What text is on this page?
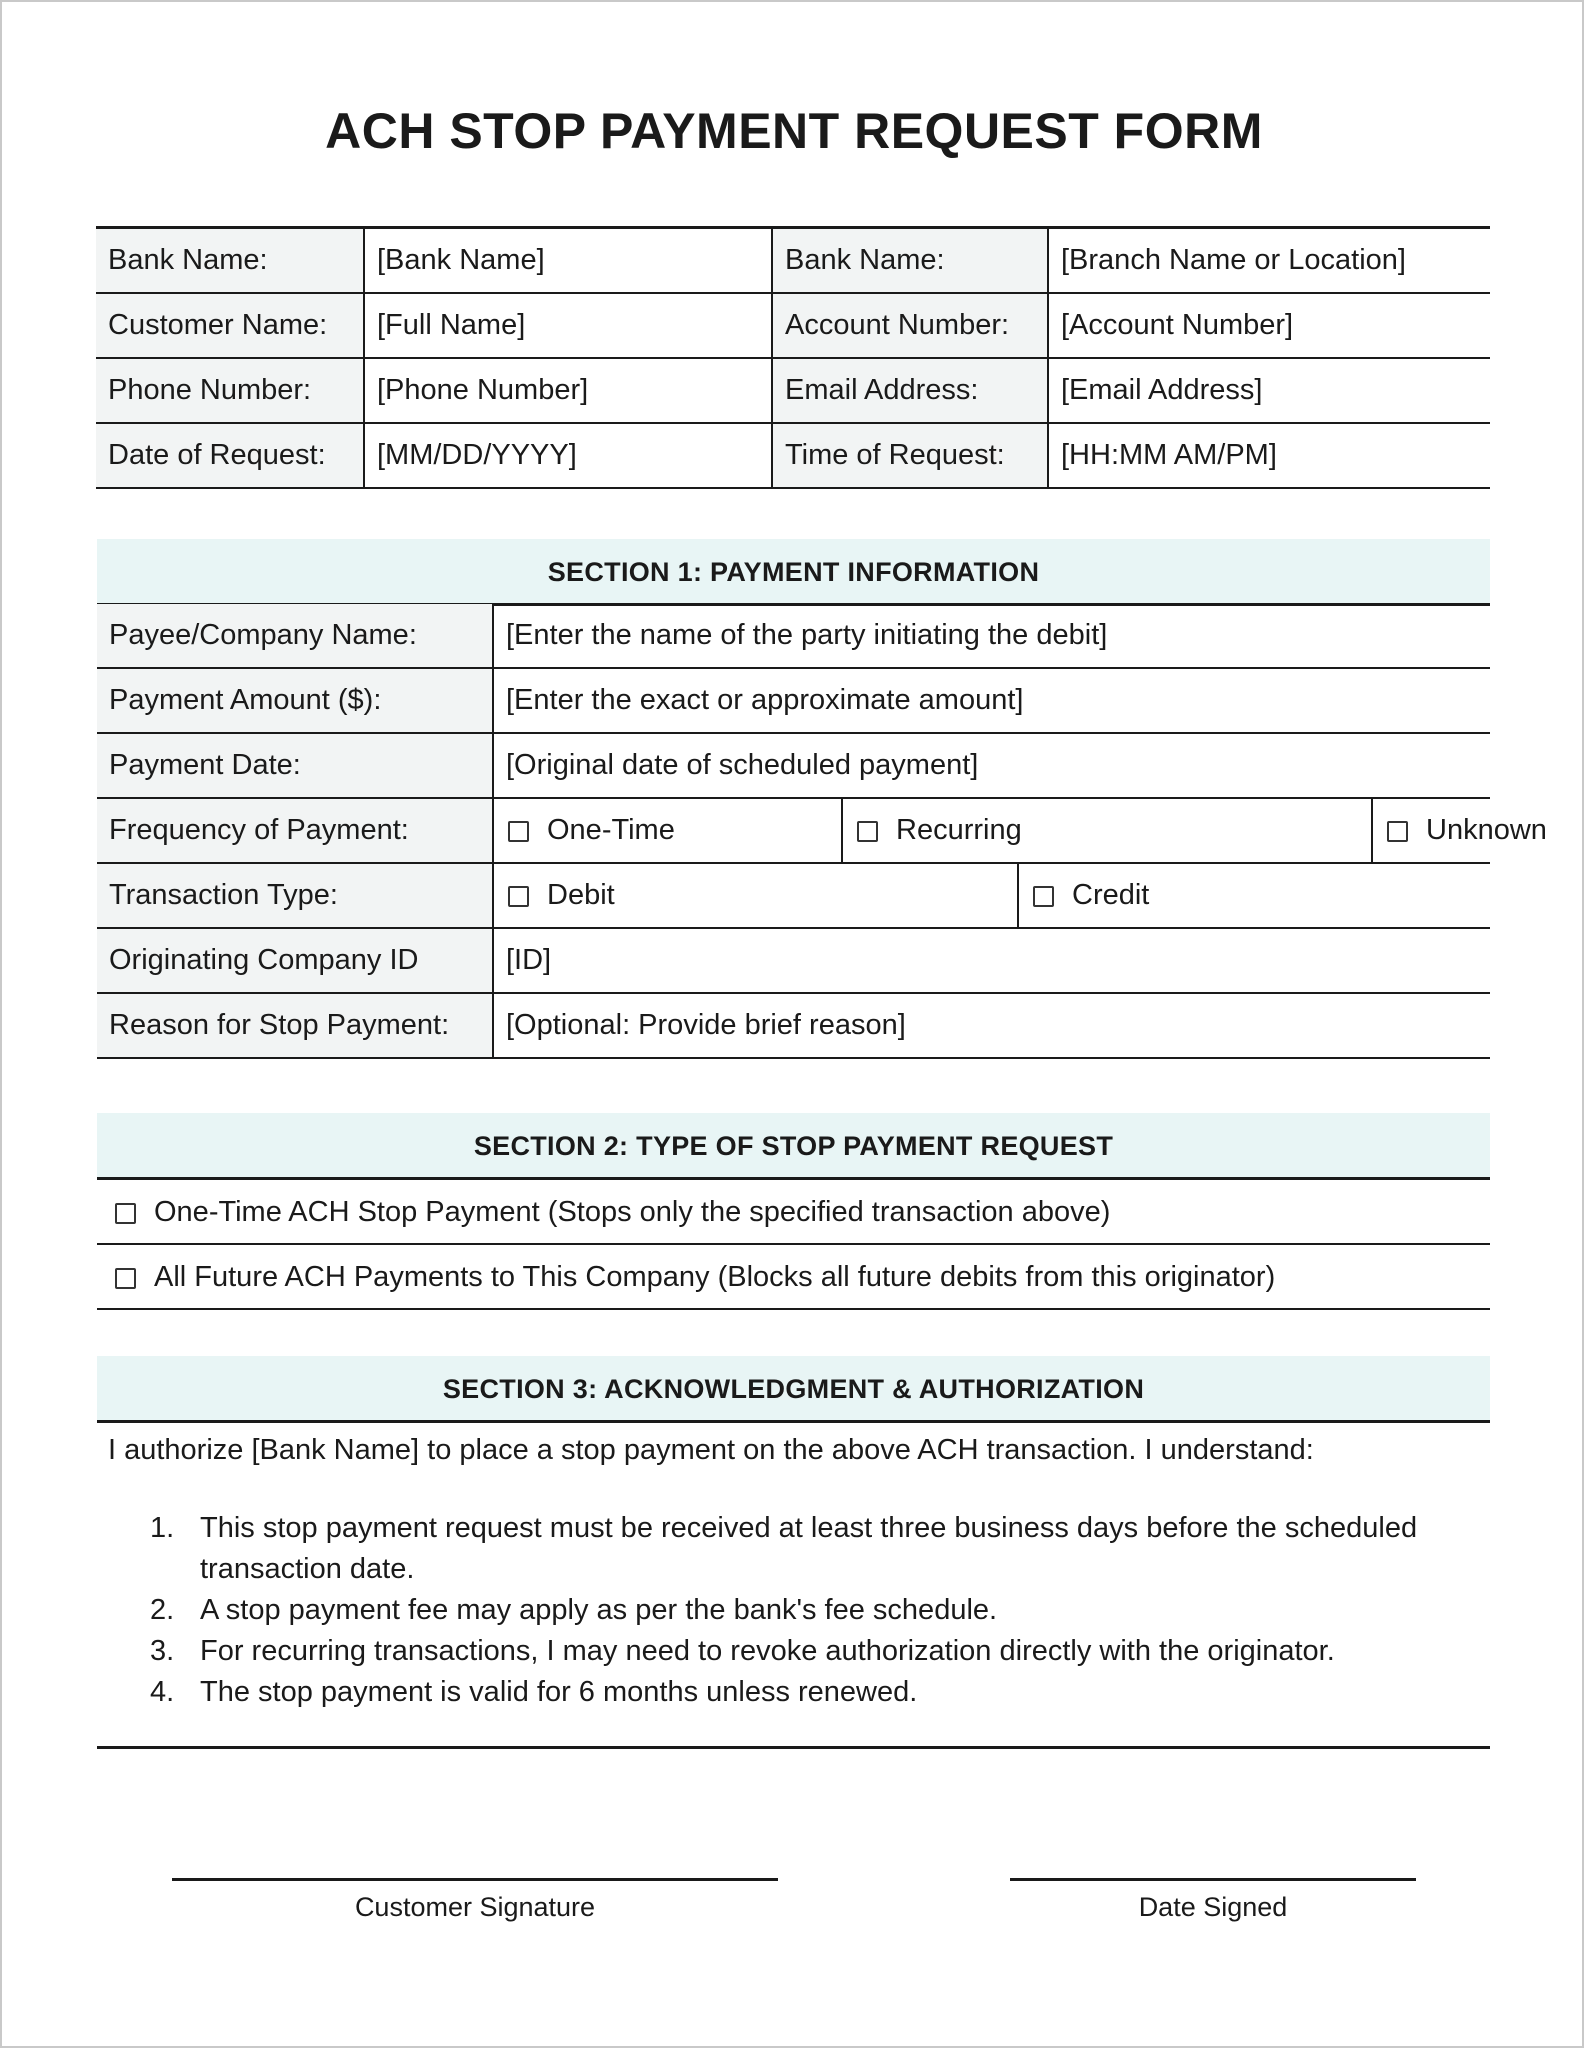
ACH STOP PAYMENT REQUEST FORM
Bank Name:	[Bank Name]	Bank Name:	[Branch Name or Location]
Customer Name:	[Full Name]	Account Number:	[Account Number]
Phone Number:	[Phone Number]	Email Address:	[Email Address]
Date of Request:	[MM/DD/YYYY]	Time of Request:	[HH:MM AM/PM]
SECTION 1: PAYMENT INFORMATION
Payee/Company Name:	[Enter the name of the party initiating the debit]			
Payment Amount ($):	[Enter the exact or approximate amount]			
Payment Date:	[Original date of scheduled payment]			
Frequency of Payment:	One-Time	Recurring		Unknown
Transaction Type:	Debit		Credit	
Originating Company ID	[ID]			
Reason for Stop Payment:	[Optional: Provide brief reason]			
SECTION 2: TYPE OF STOP PAYMENT REQUEST
One-Time ACH Stop Payment (Stops only the specified transaction above)
All Future ACH Payments to This Company (Blocks all future debits from this originator)
SECTION 3: ACKNOWLEDGMENT & AUTHORIZATION
I authorize [Bank Name] to place a stop payment on the above ACH transaction. I understand:
1. This stop payment request must be received at least three business days before the scheduled transaction date.
2. A stop payment fee may apply as per the bank's fee schedule.
3. For recurring transactions, I may need to revoke authorization directly with the originator.
4. The stop payment is valid for 6 months unless renewed.
Customer Signature	Date Signed
